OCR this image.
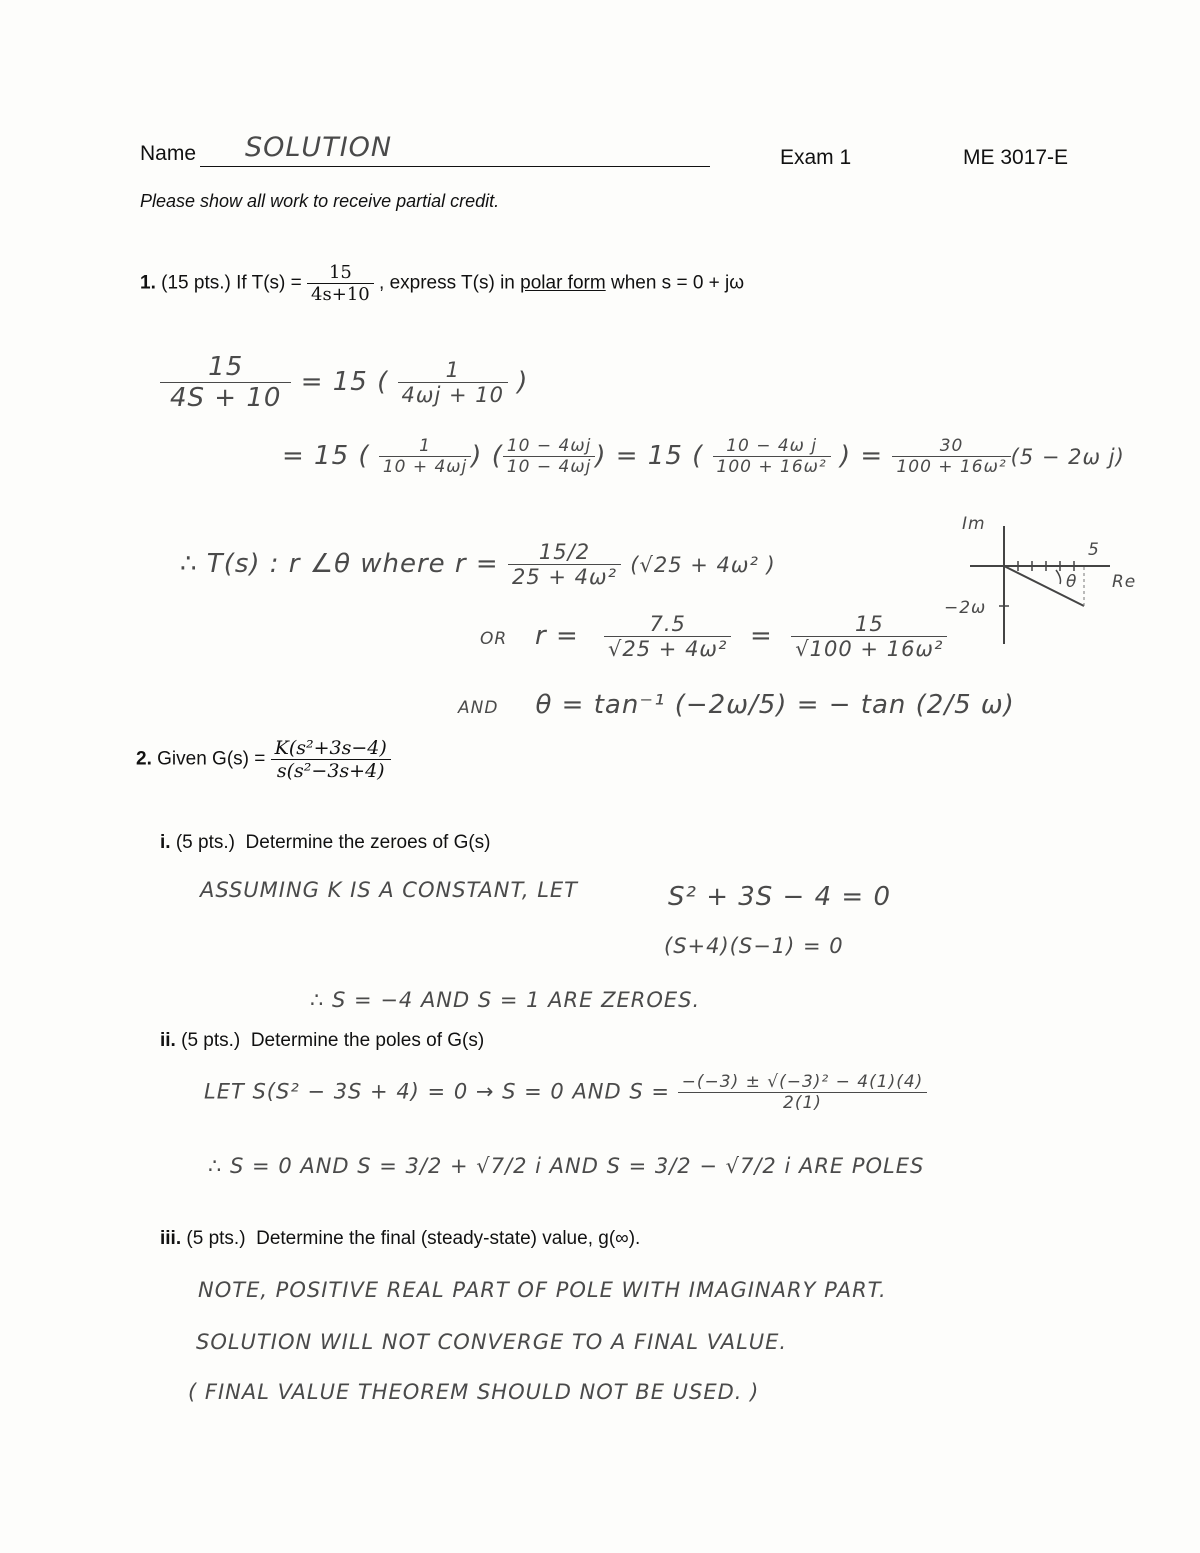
Name SOLUTION	Exam 1	ME 3017-E
Please show all work to receive partial credit.
1. (15 pts.) If $T(s) = \frac{15}{4s+10}$ , express T(s) in polar form when s = 0 + jω
$\frac{15}{4S + 10} = 15$ ( $\frac{1}{4\omega j + 10}$ )
= 15 ( $\frac{1}{10 + 4\omega j}$ ) ( $\frac{10 - 4\omega j}{10 - 4\omega j}$ ) = 15 ( $\frac{\text{10 − 4ω j}}{\text{100 + 16ω²}}$ ) = $\frac{30}{\text{100 + 16ω²}} (5 - 2\omega$ j)
∴ T(s) : r ∠θ where $r = \frac{15/2}{\text{25 + 4ω²}} (√25 + 4\omega^2$ )
OR $r = \frac{7.5}{\text{√25 + 4ω²}} = \frac{15}{\text{√100 + 16ω²}}$
AND θ = tan⁻¹ (−2ω/5) = − tan (2/5 ω)
Im
Re
5
θ
−2ω
2. Given $G(s) = \frac{\text{K(s²+3s−4)}}{\text{s(s²−3s+4)}}$
i. (5 pts.) Determine the zeroes of G(s)
ASSUMING K IS A CONSTANT, LET	S² + 3S − 4 = 0
(S+4)(S−1) = 0
∴ S = −4 AND S = 1 ARE ZEROES.
ii. (5 pts.) Determine the poles of G(s)
LET S(S² − 3S + 4) = 0 → S = 0 AND $S = \frac{\text{−(−3) ± √(−3)² − 4(1)(4)}}{2(1)}$
∴ S = 0 AND S = 3/2 + √7/2 i AND S = 3/2 − √7/2 i ARE POLES
iii. (5 pts.) Determine the final (steady-state) value, g(∞).
NOTE, POSITIVE REAL PART OF POLE WITH IMAGINARY PART.
SOLUTION WILL NOT CONVERGE TO A FINAL VALUE.
( FINAL VALUE THEOREM SHOULD NOT BE USED. )
